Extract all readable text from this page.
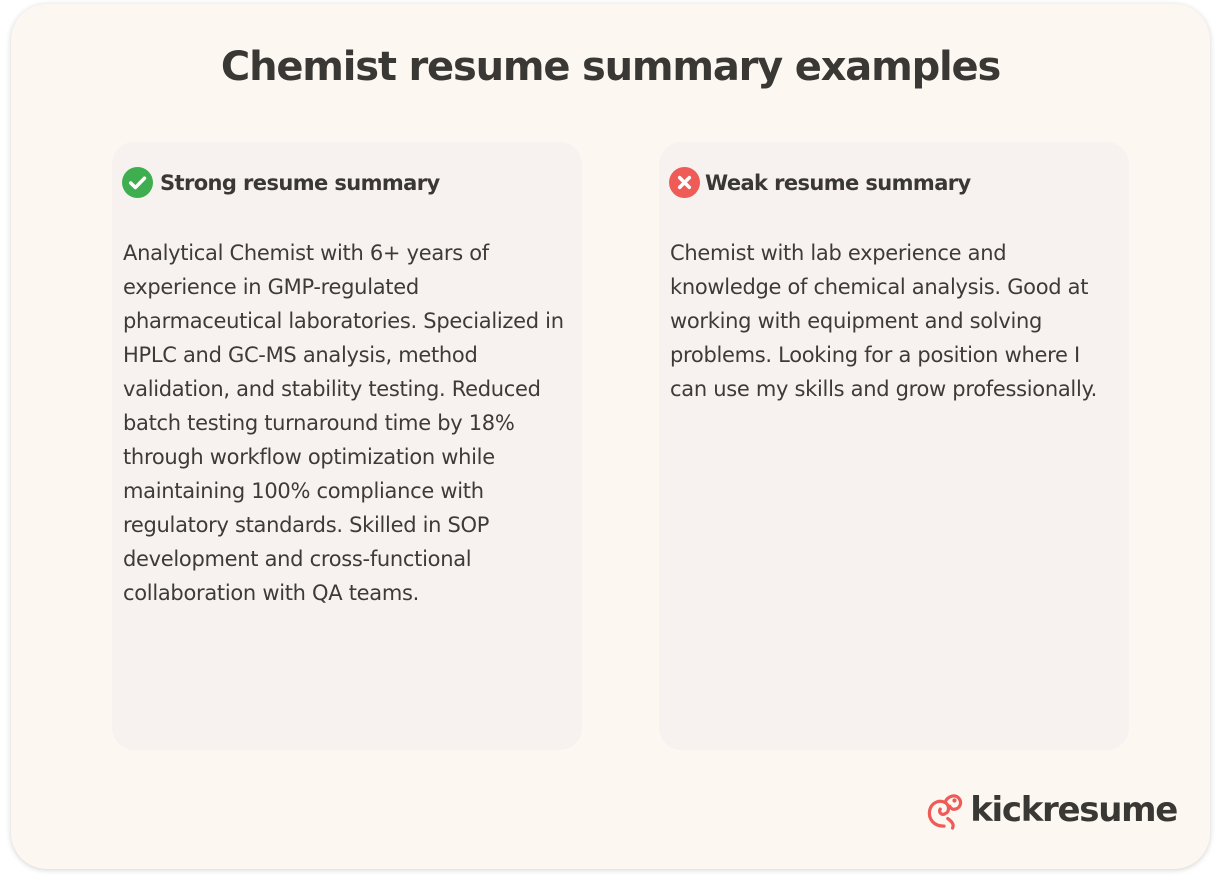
Chemist resume summary examples
Strong resume summary

Analytical Chemist with 6+ years of experience in GMP-regulated pharmaceutical laboratories. Specialized in HPLC and GC-MS analysis, method validation, and stability testing. Reduced batch testing turnaround time by 18% through workflow optimization while maintaining 100% compliance with regulatory standards. Skilled in SOP development and cross-functional collaboration with QA teams.

Weak resume summary

Chemist with lab experience and knowledge of chemical analysis. Good at working with equipment and solving problems. Looking for a position where I can use my skills and grow professionally.

kickresume
